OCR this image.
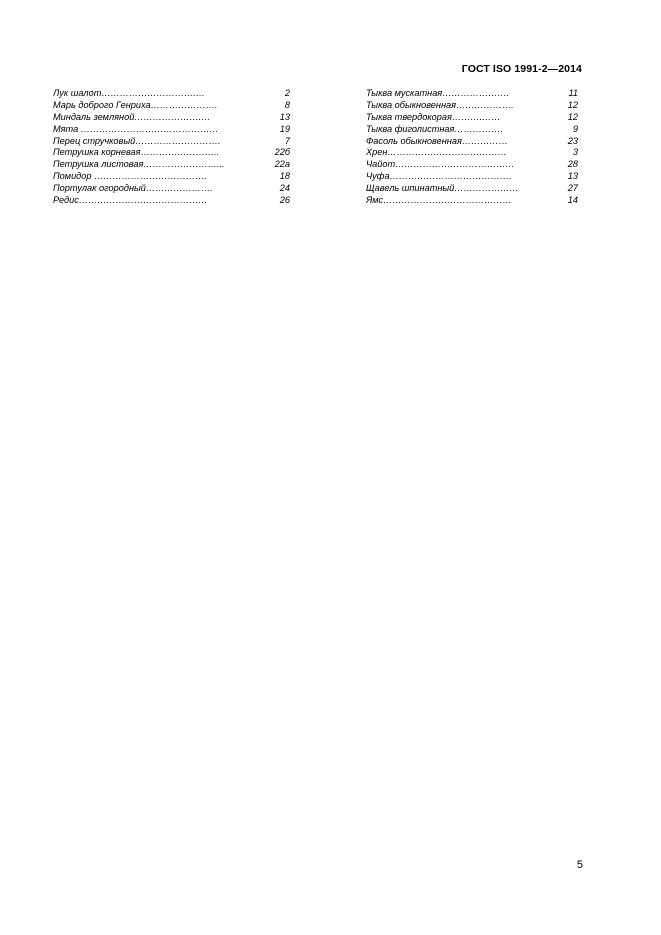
ГОСТ ISO 1991-2—2014
Лук шалот………………………….…	2
Марь доброго Генриха………………….	8
Миндаль земляной………………….…	13
Мята ………………………………………	19
Перец стручковый……………………….	7
Петрушка корневая……………………..	22б
Петрушка листовая……………………...	22а
Помидор ……………………………….	18
Портулак огородный………………….	24
Редис……………………………………	26
Тыква мускатная………………….	11
Тыква обыкновенная……………….	12
Тыква твердокорая……….……	12
Тыква фиголистная…………….	9
Фасоль обыкновенная……………	23
Хрен…………………………………	3
Чайот…………………………………	28
Чуфа………………………………….	13
Щавель шпинатный…………………	27
Ямс……………………………………	14
5
